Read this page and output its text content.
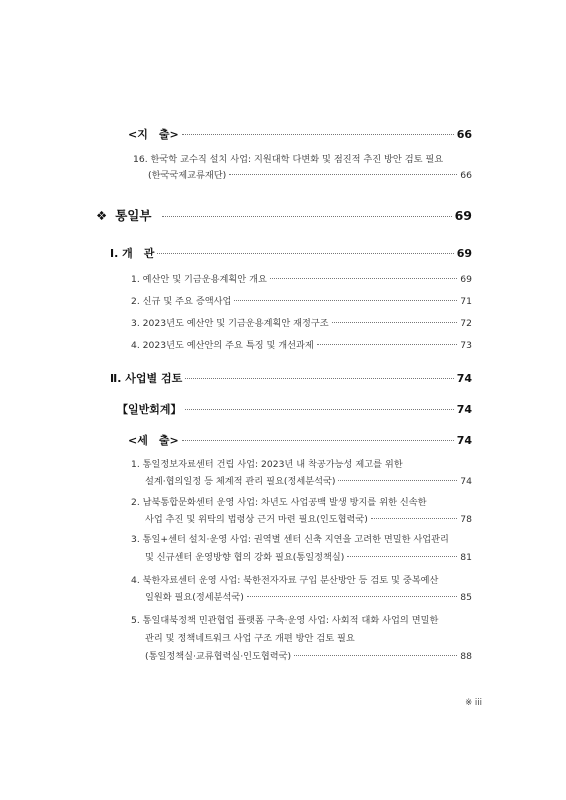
<지　출>	66
16. 한국학 교수직 설치 사업: 지원대학 다변화 및 점진적 추진 방안 검토 필요
(한국국제교류재단)	66
❖ 통일부	69
Ⅰ. 개　관	69
1. 예산안 및 기금운용계획안 개요	69
2. 신규 및 주요 증액사업	71
3. 2023년도 예산안 및 기금운용계획안 재정구조	72
4. 2023년도 예산안의 주요 특징 및 개선과제	73
Ⅱ. 사업별 검토	74
【일반회계】	74
<세　출>	74
1. 통일정보자료센터 건립 사업: 2023년 내 착공가능성 제고를 위한
설계·협의일정 등 체계적 관리 필요(정세분석국)	74
2. 남북통합문화센터 운영 사업: 차년도 사업공백 발생 방지를 위한 신속한
사업 추진 및 위탁의 법령상 근거 마련 필요(인도협력국)	78
3. 통일+센터 설치·운영 사업: 권역별 센터 신축 지연을 고려한 면밀한 사업관리
및 신규센터 운영방향 협의 강화 필요(통일정책실)	81
4. 북한자료센터 운영 사업: 북한전자자료 구입 분산방안 등 검토 및 중복예산
일원화 필요(정세분석국)	85
5. 통일대북정책 민관협업 플랫폼 구축·운영 사업: 사회적 대화 사업의 면밀한
관리 및 정책네트워크 사업 구조 개편 방안 검토 필요
(통일정책실·교류협력실·인도협력국)	88
※ iii
